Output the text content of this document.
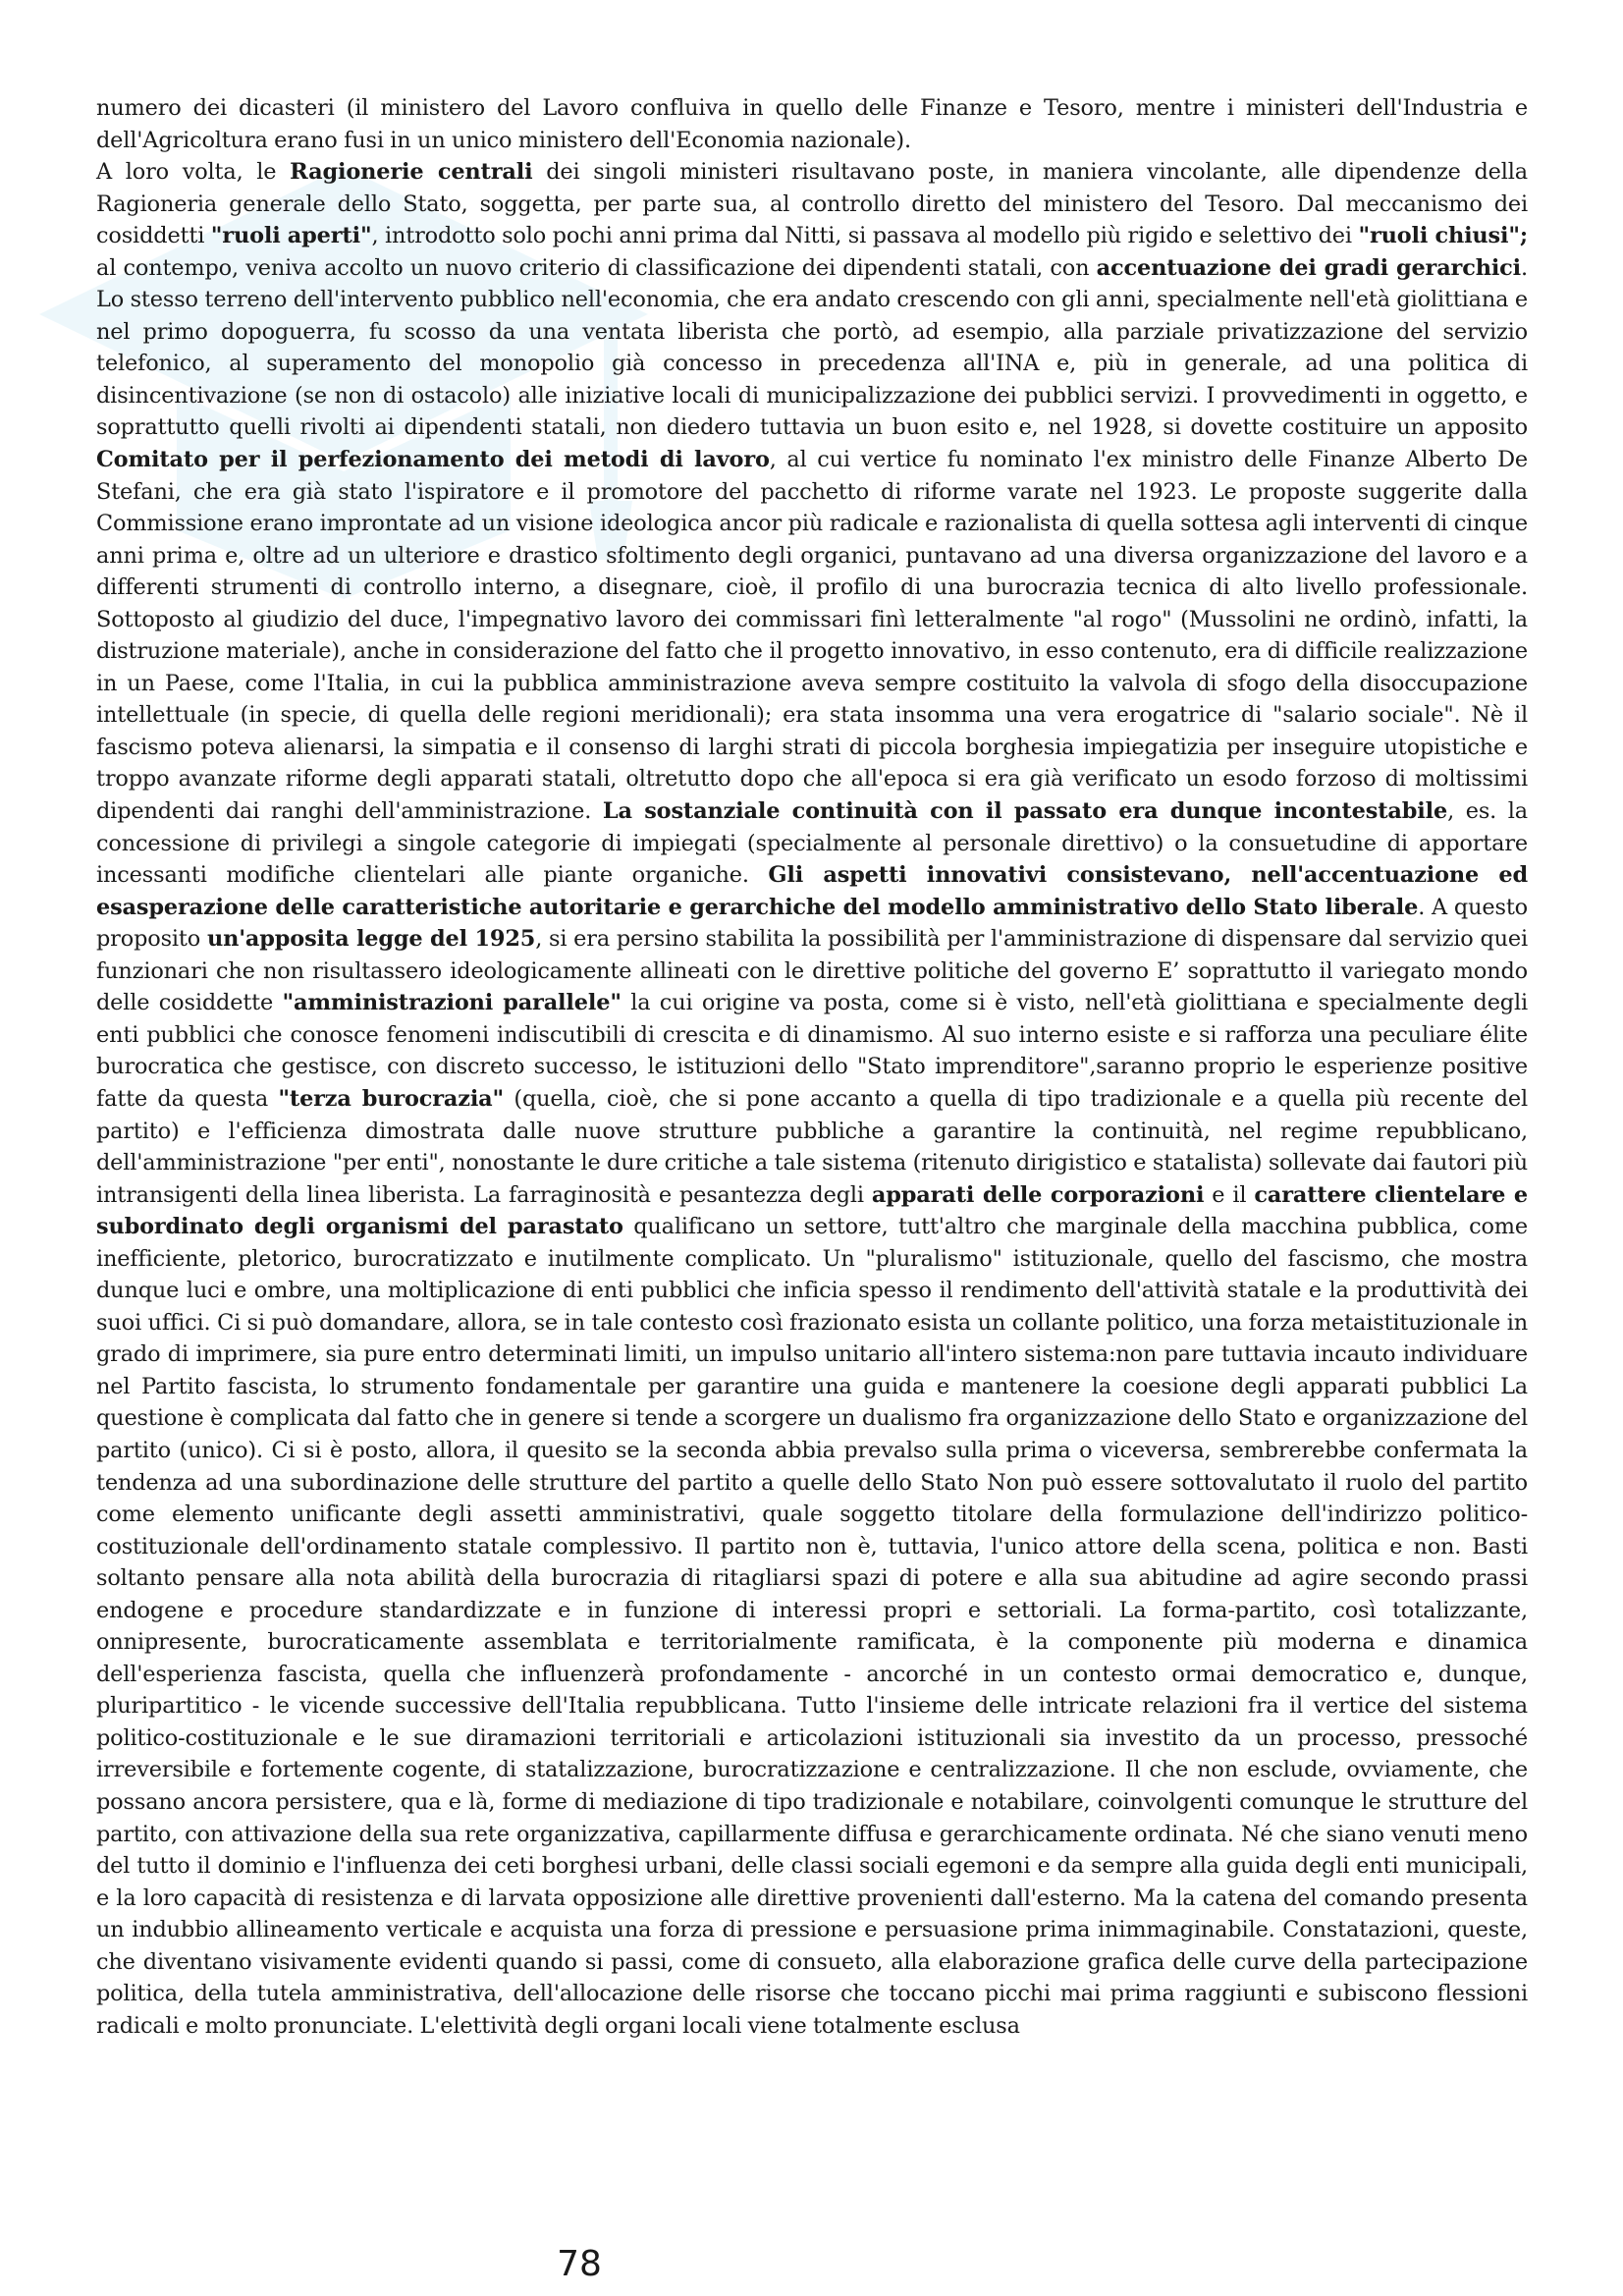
numero dei dicasteri (il ministero del Lavoro confluiva in quello delle Finanze e Tesoro, mentre i ministeri dell'Industria e dell'Agricoltura erano fusi in un unico ministero dell'Economia nazionale).

A loro volta, le Ragionerie centrali dei singoli ministeri risultavano poste, in maniera vincolante, alle dipendenze della Ragioneria generale dello Stato, soggetta, per parte sua, al controllo diretto del ministero del Tesoro. Dal meccanismo dei cosiddetti "ruoli aperti", introdotto solo pochi anni prima dal Nitti, si passava al modello più rigido e selettivo dei "ruoli chiusi"; al contempo, veniva accolto un nuovo criterio di classificazione dei dipendenti statali, con accentuazione dei gradi gerarchici. Lo stesso terreno dell'intervento pubblico nell'economia, che era andato crescendo con gli anni, specialmente nell'età giolittiana e nel primo dopoguerra, fu scosso da una ventata liberista che portò, ad esempio, alla parziale privatizzazione del servizio telefonico, al superamento del monopolio già concesso in precedenza all'INA e, più in generale, ad una politica di disincentivazione (se non di ostacolo) alle iniziative locali di municipalizzazione dei pubblici servizi. I provvedimenti in oggetto, e soprattutto quelli rivolti ai dipendenti statali, non diedero tuttavia un buon esito e, nel 1928, si dovette costituire un apposito Comitato per il perfezionamento dei metodi di lavoro, al cui vertice fu nominato l'ex ministro delle Finanze Alberto De Stefani, che era già stato l'ispiratore e il promotore del pacchetto di riforme varate nel 1923. Le proposte suggerite dalla Commissione erano improntate ad un visione ideologica ancor più radicale e razionalista di quella sottesa agli interventi di cinque anni prima e, oltre ad un ulteriore e drastico sfoltimento degli organici, puntavano ad una diversa organizzazione del lavoro e a differenti strumenti di controllo interno, a disegnare, cioè, il profilo di una burocrazia tecnica di alto livello professionale. Sottoposto al giudizio del duce, l'impegnativo lavoro dei commissari finì letteralmente "al rogo" (Mussolini ne ordinò, infatti, la distruzione materiale), anche in considerazione del fatto che il progetto innovativo, in esso contenuto, era di difficile realizzazione in un Paese, come l'Italia, in cui la pubblica amministrazione aveva sempre costituito la valvola di sfogo della disoccupazione intellettuale (in specie, di quella delle regioni meridionali); era stata insomma una vera erogatrice di "salario sociale". Nè il fascismo poteva alienarsi, la simpatia e il consenso di larghi strati di piccola borghesia impiegatizia per inseguire utopistiche e troppo avanzate riforme degli apparati statali, oltretutto dopo che all'epoca si era già verificato un esodo forzoso di moltissimi dipendenti dai ranghi dell'amministrazione. La sostanziale continuità con il passato era dunque incontestabile, es. la concessione di privilegi a singole categorie di impiegati (specialmente al personale direttivo) o la consuetudine di apportare incessanti modifiche clientelari alle piante organiche. Gli aspetti innovativi consistevano, nell'accentuazione ed esasperazione delle caratteristiche autoritarie e gerarchiche del modello amministrativo dello Stato liberale. A questo proposito un'apposita legge del 1925, si era persino stabilita la possibilità per l'amministrazione di dispensare dal servizio quei funzionari che non risultassero ideologicamente allineati con le direttive politiche del governo E’ soprattutto il variegato mondo delle cosiddette "amministrazioni parallele" la cui origine va posta, come si è visto, nell'età giolittiana e specialmente degli enti pubblici che conosce fenomeni indiscutibili di crescita e di dinamismo. Al suo interno esiste e si rafforza una peculiare élite burocratica che gestisce, con discreto successo, le istituzioni dello "Stato imprenditore",saranno proprio le esperienze positive fatte da questa "terza burocrazia" (quella, cioè, che si pone accanto a quella di tipo tradizionale e a quella più recente del partito) e l'efficienza dimostrata dalle nuove strutture pubbliche a garantire la continuità, nel regime repubblicano, dell'amministrazione "per enti", nonostante le dure critiche a tale sistema (ritenuto dirigistico e statalista) sollevate dai fautori più intransigenti della linea liberista. La farraginosità e pesantezza degli apparati delle corporazioni e il carattere clientelare e subordinato degli organismi del parastato qualificano un settore, tutt'altro che marginale della macchina pubblica, come inefficiente, pletorico, burocratizzato e inutilmente complicato. Un "pluralismo" istituzionale, quello del fascismo, che mostra dunque luci e ombre, una moltiplicazione di enti pubblici che inficia spesso il rendimento dell'attività statale e la produttività dei suoi uffici. Ci si può domandare, allora, se in tale contesto così frazionato esista un collante politico, una forza metaistituzionale in grado di imprimere, sia pure entro determinati limiti, un impulso unitario all'intero sistema:non pare tuttavia incauto individuare nel Partito fascista, lo strumento fondamentale per garantire una guida e mantenere la coesione degli apparati pubblici La questione è complicata dal fatto che in genere si tende a scorgere un dualismo fra organizzazione dello Stato e organizzazione del partito (unico). Ci si è posto, allora, il quesito se la seconda abbia prevalso sulla prima o viceversa, sembrerebbe confermata la tendenza ad una subordinazione delle strutture del partito a quelle dello Stato Non può essere sottovalutato il ruolo del partito come elemento unificante degli assetti amministrativi, quale soggetto titolare della formulazione dell'indirizzo politico-costituzionale dell'ordinamento statale complessivo. Il partito non è, tuttavia, l'unico attore della scena, politica e non. Basti soltanto pensare alla nota abilità della burocrazia di ritagliarsi spazi di potere e alla sua abitudine ad agire secondo prassi endogene e procedure standardizzate e in funzione di interessi propri e settoriali. La forma-partito, così totalizzante, onnipresente, burocraticamente assemblata e territorialmente ramificata, è la componente più moderna e dinamica dell'esperienza fascista, quella che influenzerà profondamente - ancorché in un contesto ormai democratico e, dunque, pluripartitico - le vicende successive dell'Italia repubblicana. Tutto l'insieme delle intricate relazioni fra il vertice del sistema politico-costituzionale e le sue diramazioni territoriali e articolazioni istituzionali sia investito da un processo, pressoché irreversibile e fortemente cogente, di statalizzazione, burocratizzazione e centralizzazione. Il che non esclude, ovviamente, che possano ancora persistere, qua e là, forme di mediazione di tipo tradizionale e notabilare, coinvolgenti comunque le strutture del partito, con attivazione della sua rete organizzativa, capillarmente diffusa e gerarchicamente ordinata. Né che siano venuti meno del tutto il dominio e l'influenza dei ceti borghesi urbani, delle classi sociali egemoni e da sempre alla guida degli enti municipali, e la loro capacità di resistenza e di larvata opposizione alle direttive provenienti dall'esterno. Ma la catena del comando presenta un indubbio allineamento verticale e acquista una forza di pressione e persuasione prima inimmaginabile. Constatazioni, queste, che diventano visivamente evidenti quando si passi, come di consueto, alla elaborazione grafica delle curve della partecipazione politica, della tutela amministrativa, dell'allocazione delle risorse che toccano picchi mai prima raggiunti e subiscono flessioni radicali e molto pronunciate. L'elettività degli organi locali viene totalmente esclusa

78
